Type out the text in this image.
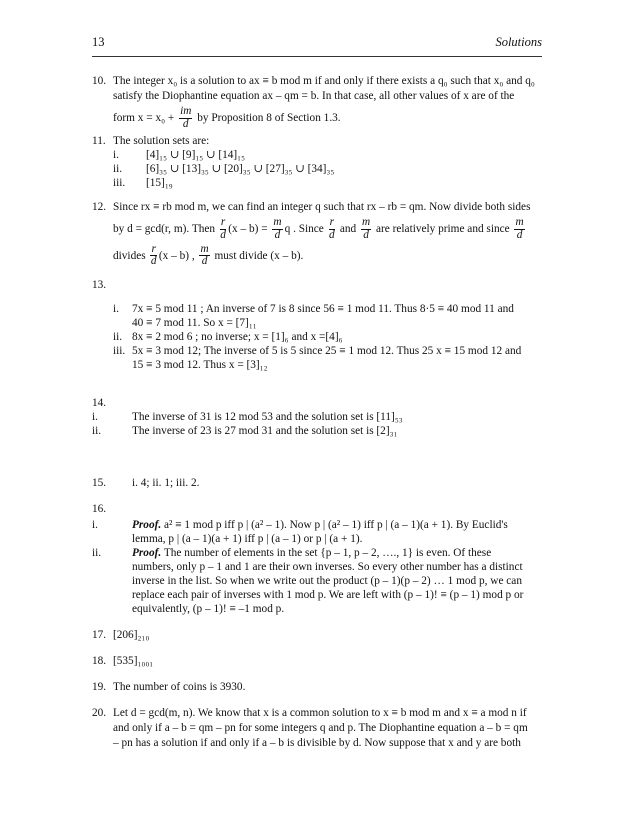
13	Solutions
10. The integer x₀ is a solution to ax ≡ b mod m if and only if there exists a q₀ such that x₀ and q₀
satisfy the Diophantine equation ax – qm = b. In that case, all other values of x are of the
form $x = x_0 + \frac{im}{d}$ by Proposition 8 of Section 1.3.
11. The solution sets are:
i. [4]₁₅ ∪ [9]₁₅ ∪ [14]₁₅
ii. [6]₃₅ ∪ [13]₃₅ ∪ [20]₃₅ ∪ [27]₃₅ ∪ [34]₃₅
iii. [15]₁₉
12. Since rx ≡ rb mod m, we can find an integer q such that rx – rb = qm. Now divide both sides
by d = gcd(r, m). Then $\frac{r}{d} (x - b) = \frac{m}{d}$ q . Since $\frac{r}{d}$ and $\frac{m}{d}$ are relatively prime and since $\frac{m}{d}$
divides $\frac{r}{d} (x - b)$ , $\frac{m}{d}$ must divide (x – b).
13.
i. 7x ≡ 5 mod 11 ; An inverse of 7 is 8 since 56 ≡ 1 mod 11. Thus 8·5 ≡ 40 mod 11 and
40 ≡ 7 mod 11. So x = [7]₁₁
ii. 8x ≡ 2 mod 6 ; no inverse; x = [1]₆ and x =[4]₆
iii. 5x ≡ 3 mod 12; The inverse of 5 is 5 since 25 ≡ 1 mod 12. Thus 25 x ≡ 15 mod 12 and
15 ≡ 3 mod 12. Thus x = [3]₁₂
14.
i.	The inverse of 31 is 12 mod 53 and the solution set is [11]₅₃
ii.	The inverse of 23 is 27 mod 31 and the solution set is [2]₃₁
15. i. 4; ii. 1; iii. 2.
16.
i.	Proof. a² ≡ 1 mod p iff p | (a² – 1). Now p | (a² – 1) iff p | (a – 1)(a + 1). By Euclid's
lemma, p | (a – 1)(a + 1) iff p | (a – 1) or p | (a + 1).
ii.	Proof. The number of elements in the set {p – 1, p – 2, …., 1} is even. Of these
numbers, only p – 1 and 1 are their own inverses. So every other number has a distinct
inverse in the list. So when we write out the product (p – 1)(p – 2) … 1 mod p, we can
replace each pair of inverses with 1 mod p. We are left with (p – 1)! ≡ (p – 1) mod p or
equivalently, (p – 1)! ≡ –1 mod p.
17. [206]₂₁₀
18. [535]₁₀₀₁
19. The number of coins is 3930.
20. Let d = gcd(m, n). We know that x is a common solution to x ≡ b mod m and x ≡ a mod n if
and only if a – b = qm – pn for some integers q and p. The Diophantine equation a – b = qm
– pn has a solution if and only if a – b is divisible by d. Now suppose that x and y are both
